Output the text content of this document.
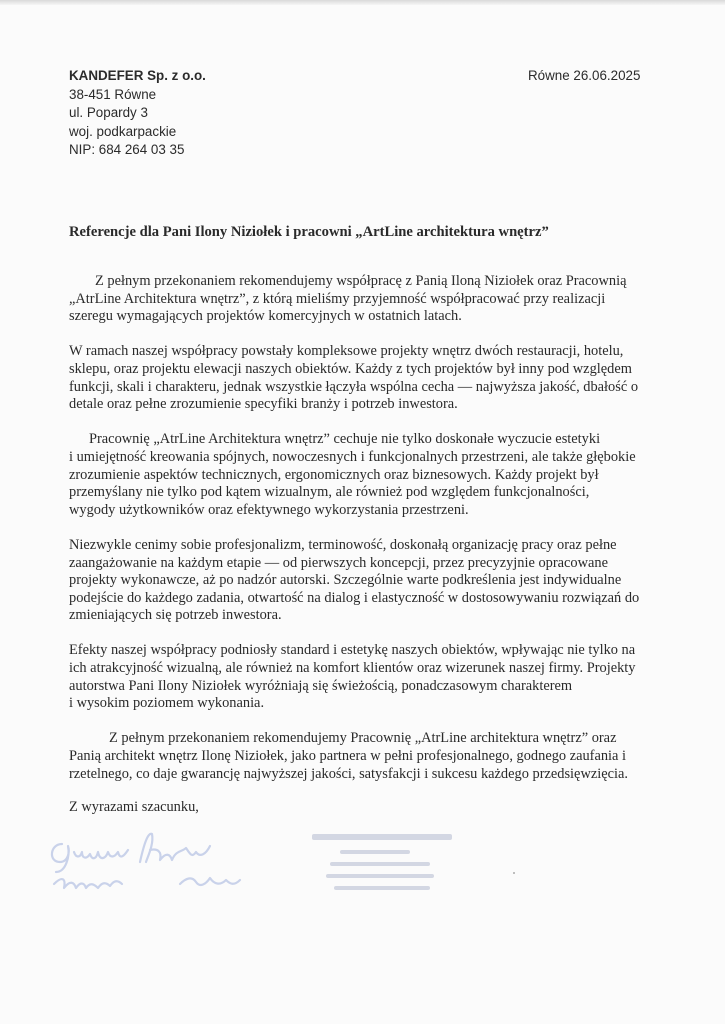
KANDEFER Sp. z o.o.
38-451 Równe
ul. Popardy 3
woj. podkarpackie
NIP: 684 264 03 35
Równe 26.06.2025
Referencje dla Pani Ilony Niziołek i pracowni „ArtLine architektura wnętrz”

Z pełnym przekonaniem rekomendujemy współpracę z Panią Iloną Niziołek oraz Pracownią
„AtrLine Architektura wnętrz”, z którą mieliśmy przyjemność współpracować przy realizacji
szeregu wymagających projektów komercyjnych w ostatnich latach.

W ramach naszej współpracy powstały kompleksowe projekty wnętrz dwóch restauracji, hotelu,
sklepu, oraz projektu elewacji naszych obiektów. Każdy z tych projektów był inny pod względem
funkcji, skali i charakteru, jednak wszystkie łączyła wspólna cecha — najwyższa jakość, dbałość o
detale oraz pełne zrozumienie specyfiki branży i potrzeb inwestora.

Pracownię „AtrLine Architektura wnętrz” cechuje nie tylko doskonałe wyczucie estetyki
i umiejętność kreowania spójnych, nowoczesnych i funkcjonalnych przestrzeni, ale także głębokie
zrozumienie aspektów technicznych, ergonomicznych oraz biznesowych. Każdy projekt był
przemyślany nie tylko pod kątem wizualnym, ale również pod względem funkcjonalności,
wygody użytkowników oraz efektywnego wykorzystania przestrzeni.

Niezwykle cenimy sobie profesjonalizm, terminowość, doskonałą organizację pracy oraz pełne
zaangażowanie na każdym etapie — od pierwszych koncepcji, przez precyzyjnie opracowane
projekty wykonawcze, aż po nadzór autorski. Szczególnie warte podkreślenia jest indywidualne
podejście do każdego zadania, otwartość na dialog i elastyczność w dostosowywaniu rozwiązań do
zmieniających się potrzeb inwestora.

Efekty naszej współpracy podniosły standard i estetykę naszych obiektów, wpływając nie tylko na
ich atrakcyjność wizualną, ale również na komfort klientów oraz wizerunek naszej firmy. Projekty
autorstwa Pani Ilony Niziołek wyróżniają się świeżością, ponadczasowym charakterem
i wysokim poziomem wykonania.

Z pełnym przekonaniem rekomendujemy Pracownię „AtrLine architektura wnętrz” oraz
Panią architekt wnętrz Ilonę Niziołek, jako partnera w pełni profesjonalnego, godnego zaufania i
rzetelnego, co daje gwarancję najwyższej jakości, satysfakcji i sukcesu każdego przedsięwzięcia.

Z wyrazami szacunku,
